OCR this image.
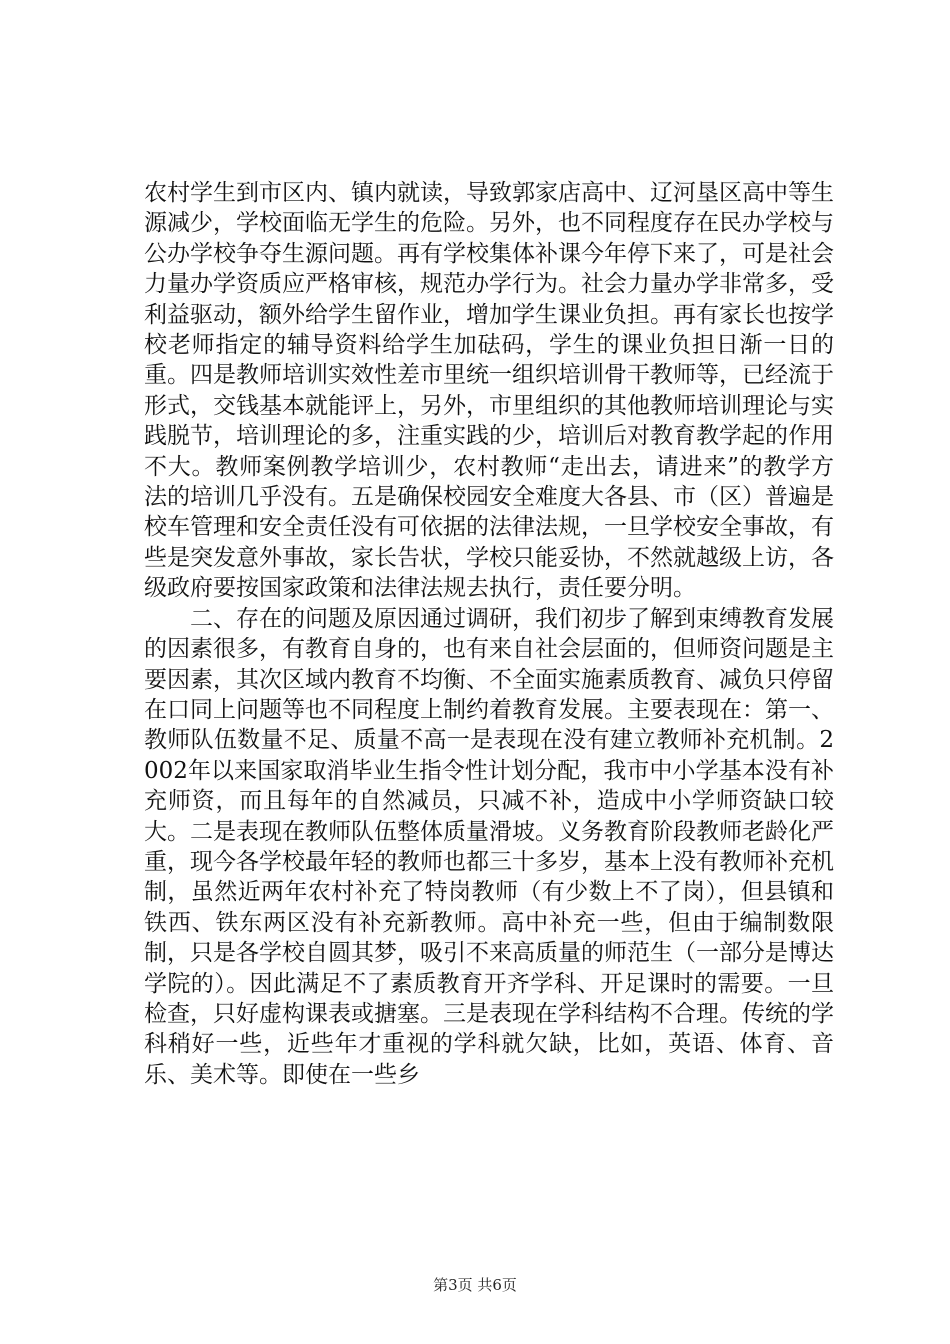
农村学生到市区内、镇内就读，导致郭家店高中、辽河垦区高中等生源减少，学校面临无学生的危险。另外，也不同程度存在民办学校与公办学校争夺生源问题。再有学校集体补课今年停下来了，可是社会力量办学资质应严格审核，规范办学行为。社会力量办学非常多，受利益驱动，额外给学生留作业，增加学生课业负担。再有家长也按学校老师指定的辅导资料给学生加砝码，学生的课业负担日渐一日的重。四是教师培训实效性差市里统一组织培训骨干教师等，已经流于形式，交钱基本就能评上，另外，市里组织的其他教师培训理论与实践脱节，培训理论的多，注重实践的少，培训后对教育教学起的作用不大。教师案例教学培训少，农村教师“走出去，请进来”的教学方法的培训几乎没有。五是确保校园安全难度大各县、市（区）普遍是校车管理和安全责任没有可依据的法律法规，一旦学校安全事故，有些是突发意外事故，家长告状，学校只能妥协，不然就越级上访，各级政府要按国家政策和法律法规去执行，责任要分明。

二、存在的问题及原因通过调研，我们初步了解到束缚教育发展的因素很多，有教育自身的，也有来自社会层面的，但师资问题是主要因素，其次区域内教育不均衡、不全面实施素质教育、减负只停留在口同上问题等也不同程度上制约着教育发展。主要表现在：第一、教师队伍数量不足、质量不高一是表现在没有建立教师补充机制。2002年以来国家取消毕业生指令性计划分配，我市中小学基本没有补充师资，而且每年的自然减员，只减不补，造成中小学师资缺口较大。二是表现在教师队伍整体质量滑坡。义务教育阶段教师老龄化严重，现今各学校最年轻的教师也都三十多岁，基本上没有教师补充机制，虽然近两年农村补充了特岗教师（有少数上不了岗），但县镇和铁西、铁东两区没有补充新教师。高中补充一些，但由于编制数限制，只是各学校自圆其梦，吸引不来高质量的师范生（一部分是博达学院的）。因此满足不了素质教育开齐学科、开足课时的需要。一旦检查，只好虚构课表或搪塞。三是表现在学科结构不合理。传统的学科稍好一些，近些年才重视的学科就欠缺，比如，英语、体育、音乐、美术等。即使在一些乡

第3页 共6页
